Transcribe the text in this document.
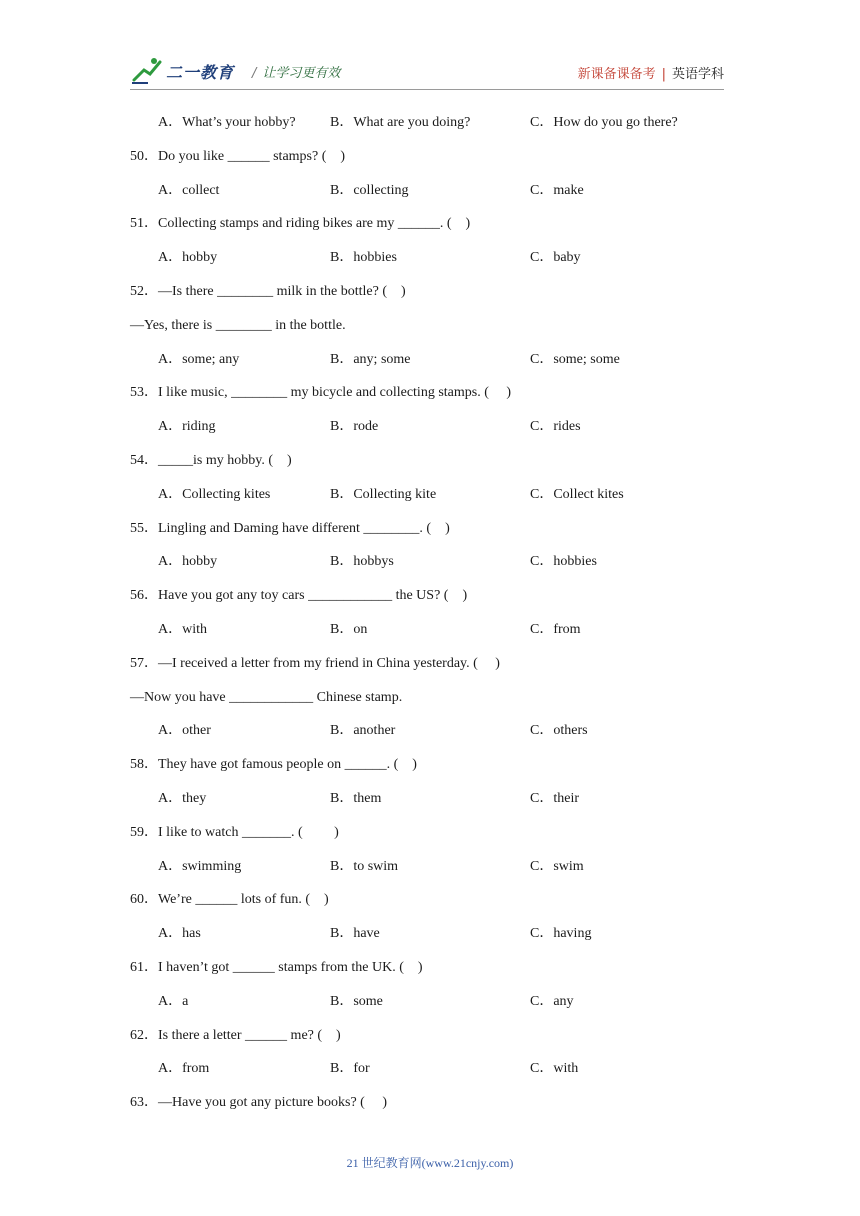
二一教育 / 让学习更有效	新课备课备考 | 英语学科
A．What’s your hobby? B．What are you doing?	C．How do you go there?
50．Do you like ______ stamps? (    )
A．collect	B．collecting	C．make
51．Collecting stamps and riding bikes are my ______. (    )
A．hobby	B．hobbies	C．baby
52．—Is there ________ milk in the bottle? (    )
—Yes, there is ________ in the bottle.
A．some; any	B．any; some	C．some; some
53．I like music, ________ my bicycle and collecting stamps. (     )
A．riding	B．rode	C．rides
54．_____is my hobby. (    )
A．Collecting kites	B．Collecting kite	C．Collect kites
55．Lingling and Daming have different ________. (    )
A．hobby	B．hobbys	C．hobbies
56．Have you got any toy cars ____________ the US? (    )
A．with	B．on	C．from
57．—I received a letter from my friend in China yesterday. (     )
—Now you have ____________ Chinese stamp.
A．other	B．another	C．others
58．They have got famous people on ______. (    )
A．they	B．them	C．their
59．I like to watch _______. (         )
A．swimming	B．to swim	C．swim
60．We’re ______ lots of fun. (    )
A．has	B．have	C．having
61．I haven’t got ______ stamps from the UK. (    )
A．a	B．some	C．any
62．Is there a letter ______ me? (    )
A．from	B．for	C．with
63．—Have you got any picture books? (     )
21 世纪教育网(www.21cnjy.com)
